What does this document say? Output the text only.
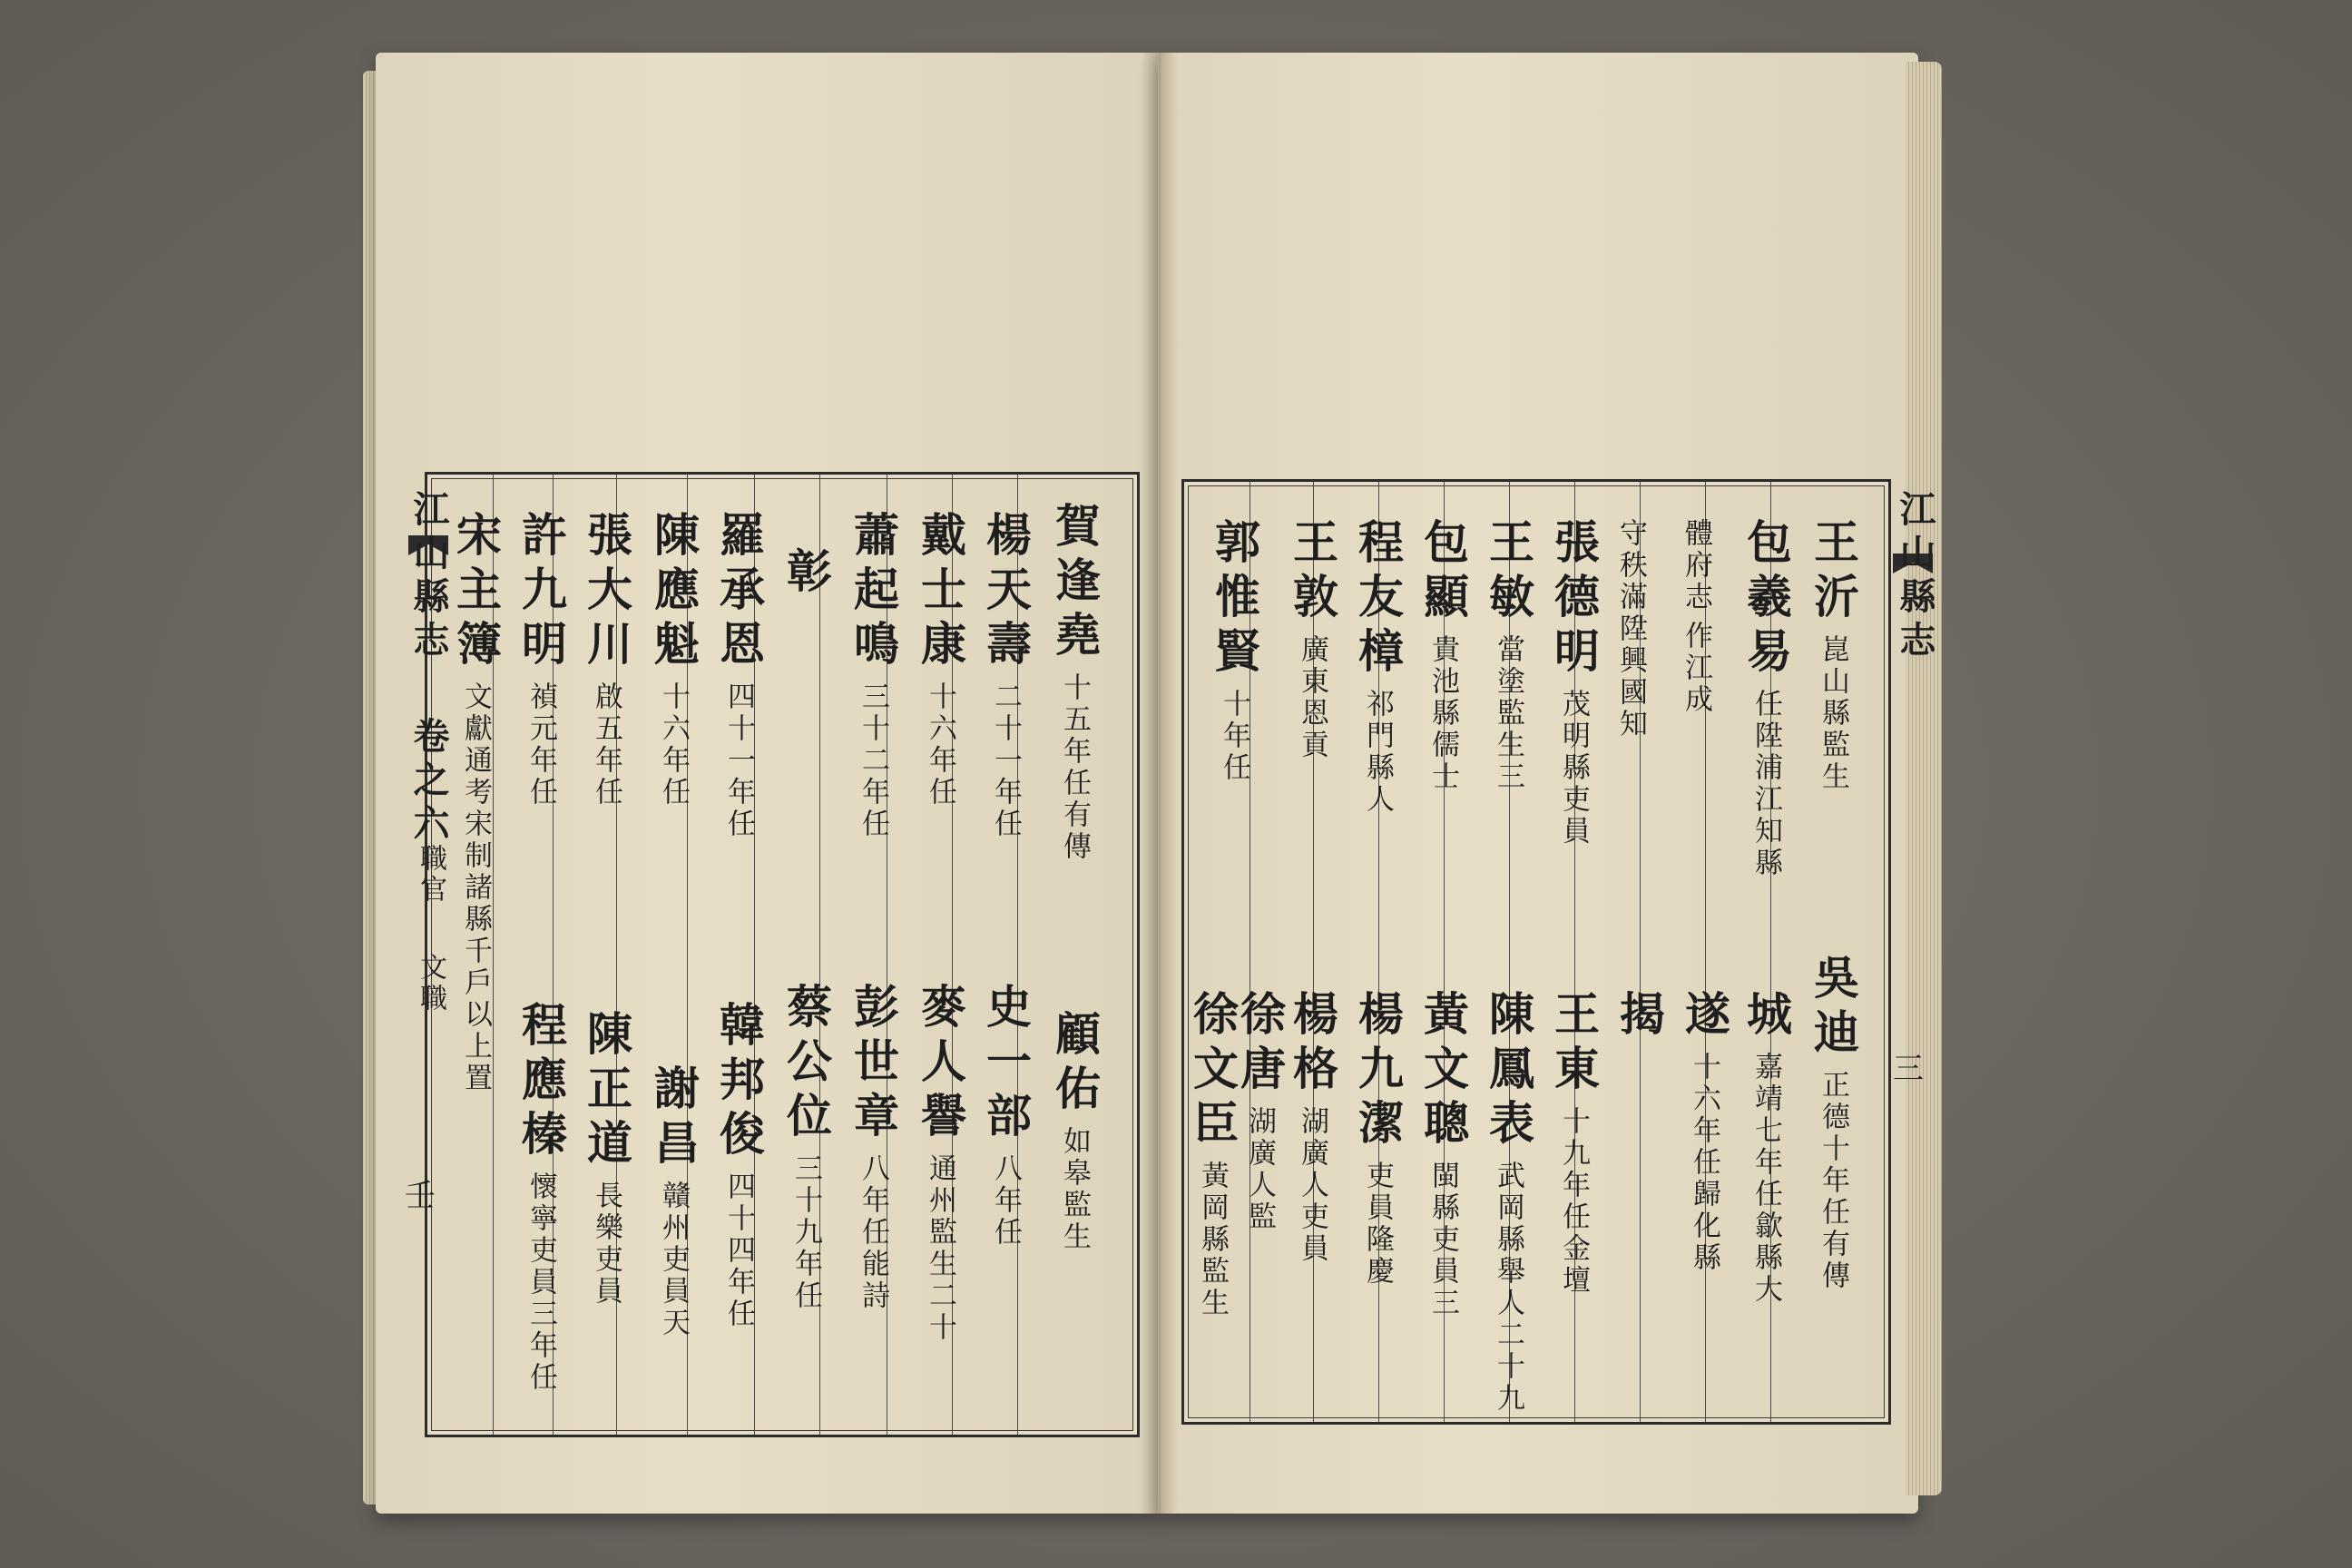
賀逢堯十五年任有傳
楊天壽二十一年任
戴士康十六年任
蕭起鳴三十二年任
彰
羅承恩四十一年任
陳應魁十六年任
張大川啟五年任
許九明禎元年任
宋主簿文獻通考宋制諸縣千戶以上置	顧佑如皋監生
史一部八年任
麥人譽通州監生二十
彭世章八年任能詩
蔡公位三十九年任
韓邦俊四十四年任
謝昌贛州吏員天
陳正道長樂吏員
程應榛懷寧吏員三年任
江山縣志
卷之六
職官
文職
壬
王沂崑山縣監生
包羲易任陞浦江知縣
體府志作江成
守秩滿陞興國知
張德明茂明縣吏員
王敏當塗監生三
包顯貴池縣儒士
程友樟祁門縣人
王敦廣東恩貢
郭惟賢十年任
吳迪正德十年任有傳
城嘉靖七年任歙縣大
遂十六年任歸化縣
揭
王東十九年任金壇
陳鳳表武岡縣舉人二十九
黃文聰閩縣吏員三
楊九潔吏員隆慶
楊格湖廣人吏員
徐唐湖廣人監
徐文臣黃岡縣監生
江山縣志
三
